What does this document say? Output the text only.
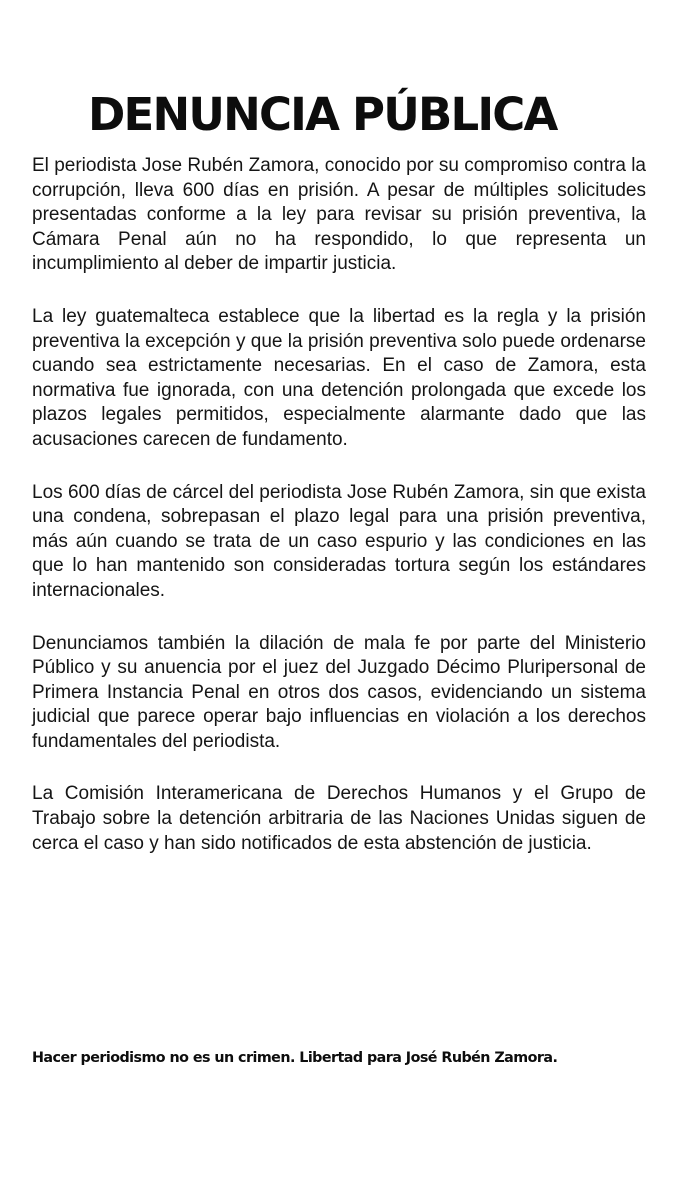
DENUNCIA PÚBLICA

El periodista Jose Rubén Zamora, conocido por su compromiso contra la corrupción, lleva 600 días en prisión. A pesar de múltiples solicitudes presentadas conforme a la ley para revisar su prisión preventiva, la Cámara Penal aún no ha respondido, lo que representa un incumplimiento al deber de impartir justicia.

La ley guatemalteca establece que la libertad es la regla y la prisión preventiva la excepción y que la prisión preventiva solo puede ordenarse cuando sea estrictamente necesarias. En el caso de Zamora, esta normativa fue ignorada, con una detención prolongada que excede los plazos legales permitidos, especialmente alarmante dado que las acusaciones carecen de fundamento.

Los 600 días de cárcel del periodista Jose Rubén Zamora, sin que exista una condena, sobrepasan el plazo legal para una prisión preventiva, más aún cuando se trata de un caso espurio y las condiciones en las que lo han mantenido son consideradas tortura según los estándares internacionales.

Denunciamos también la dilación de mala fe por parte del Ministerio Público y su anuencia por el juez del Juzgado Décimo Pluripersonal de Primera Instancia Penal en otros dos casos, evidenciando un sistema judicial que parece operar bajo influencias en violación a los derechos fundamentales del periodista.

La Comisión Interamericana de Derechos Humanos y el Grupo de Trabajo sobre la detención arbitraria de las Naciones Unidas siguen de cerca el caso y han sido notificados de esta abstención de justicia.

Hacer periodismo no es un crimen. Libertad para José Rubén Zamora.
